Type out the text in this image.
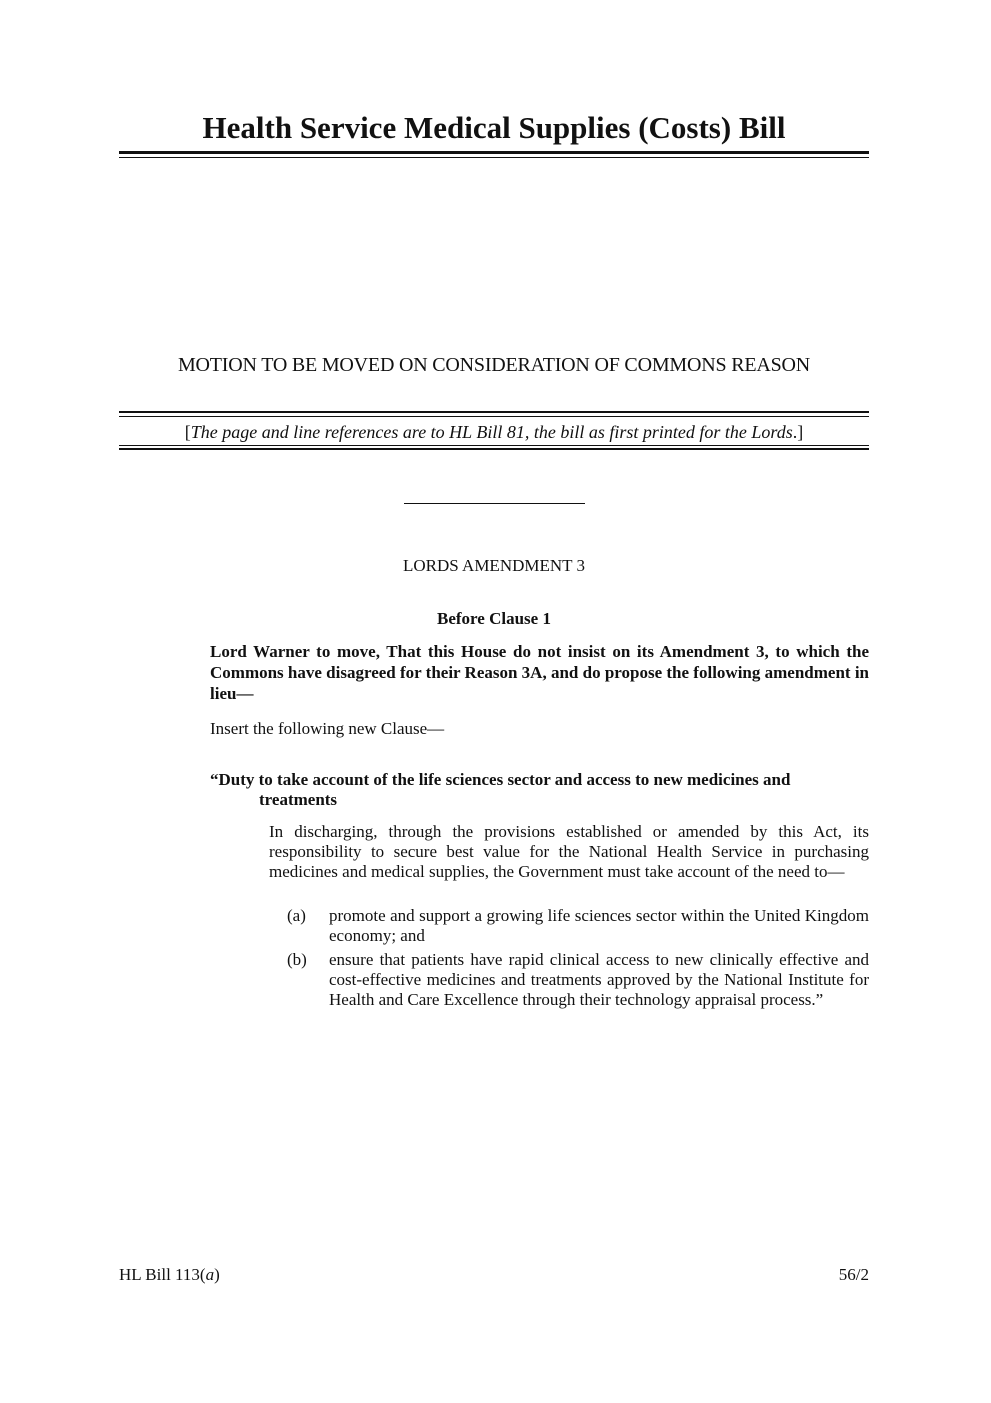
Health Service Medical Supplies (Costs) Bill
MOTION TO BE MOVED ON CONSIDERATION OF COMMONS REASON
[The page and line references are to HL Bill 81, the bill as first printed for the Lords.]
LORDS AMENDMENT 3
Before Clause 1
Lord Warner to move, That this House do not insist on its Amendment 3, to which the Commons have disagreed for their Reason 3A, and do propose the following amendment in lieu—
Insert the following new Clause—
“Duty to take account of the life sciences sector and access to new medicines and
treatments
In discharging, through the provisions established or amended by this Act, its responsibility to secure best value for the National Health Service in purchasing medicines and medical supplies, the Government must take account of the need to—
(a) promote and support a growing life sciences sector within the United Kingdom economy; and
(b) ensure that patients have rapid clinical access to new clinically effective and cost-effective medicines and treatments approved by the National Institute for Health and Care Excellence through their technology appraisal process.”
HL Bill 113(a)	56/2
